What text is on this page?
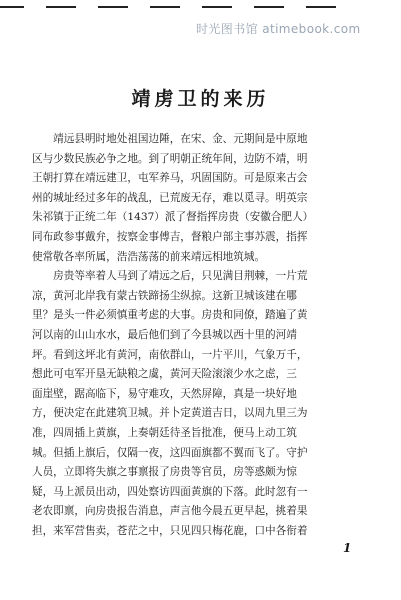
时光图书馆 atimebook.com
靖虏卫的来历
　　靖远县明时地处祖国边陲，在宋、金、元期间是中原地
区与少数民族必争之地。到了明朝正统年间，边防不靖，明
王朝打算在靖远建卫，屯军养马，巩固国防。可是原来古会
州的城址经过多年的战乱，已荒废无存，难以觅寻。明英宗
朱祁镇于正统二年（1437）派了督指挥房贵（安徽合肥人）
同布政参事戴弁，按察金事傅吉，督粮户部主事苏震，指挥
使常敬各率所属，浩浩荡荡的前来靖远相地筑城。
　　房贵等率着人马到了靖远之后，只见满目荆棘，一片荒
凉，黄河北岸我有蒙古铁蹄扬尘纵掠。这新卫城该建在哪
里？是头一件必须慎重考虑的大事。房贵和同僚，踏遍了黄
河以南的山山水水，最后他们到了今县城以西十里的河靖
坪。看到这坪北有黄河，南依群山，一片平川，气象万千，
想此可屯军开垦无缺粮之虞，黄河天险滚滚少水之虑，三
面崖壁，踞高临下，易守难攻，天然屏障，真是一块好地
方，便决定在此建筑卫城。并卜定黄道吉日，以周九里三为
准，四周插上黄旗，上奏朝廷待圣旨批准，便马上动工筑
城。但插上旗后，仅隔一夜，这四面旗都不翼而飞了。守护
人员，立即将失旗之事禀报了房贵等官员，房等惑颇为惊
疑，马上派员出动，四处察访四面黄旗的下落。此时忽有一
老农即禀，向房贵报告消息，声言他今晨五更早起，挑着果
担，来军营售卖，苍茫之中，只见四只梅花鹿，口中各衔着
1
